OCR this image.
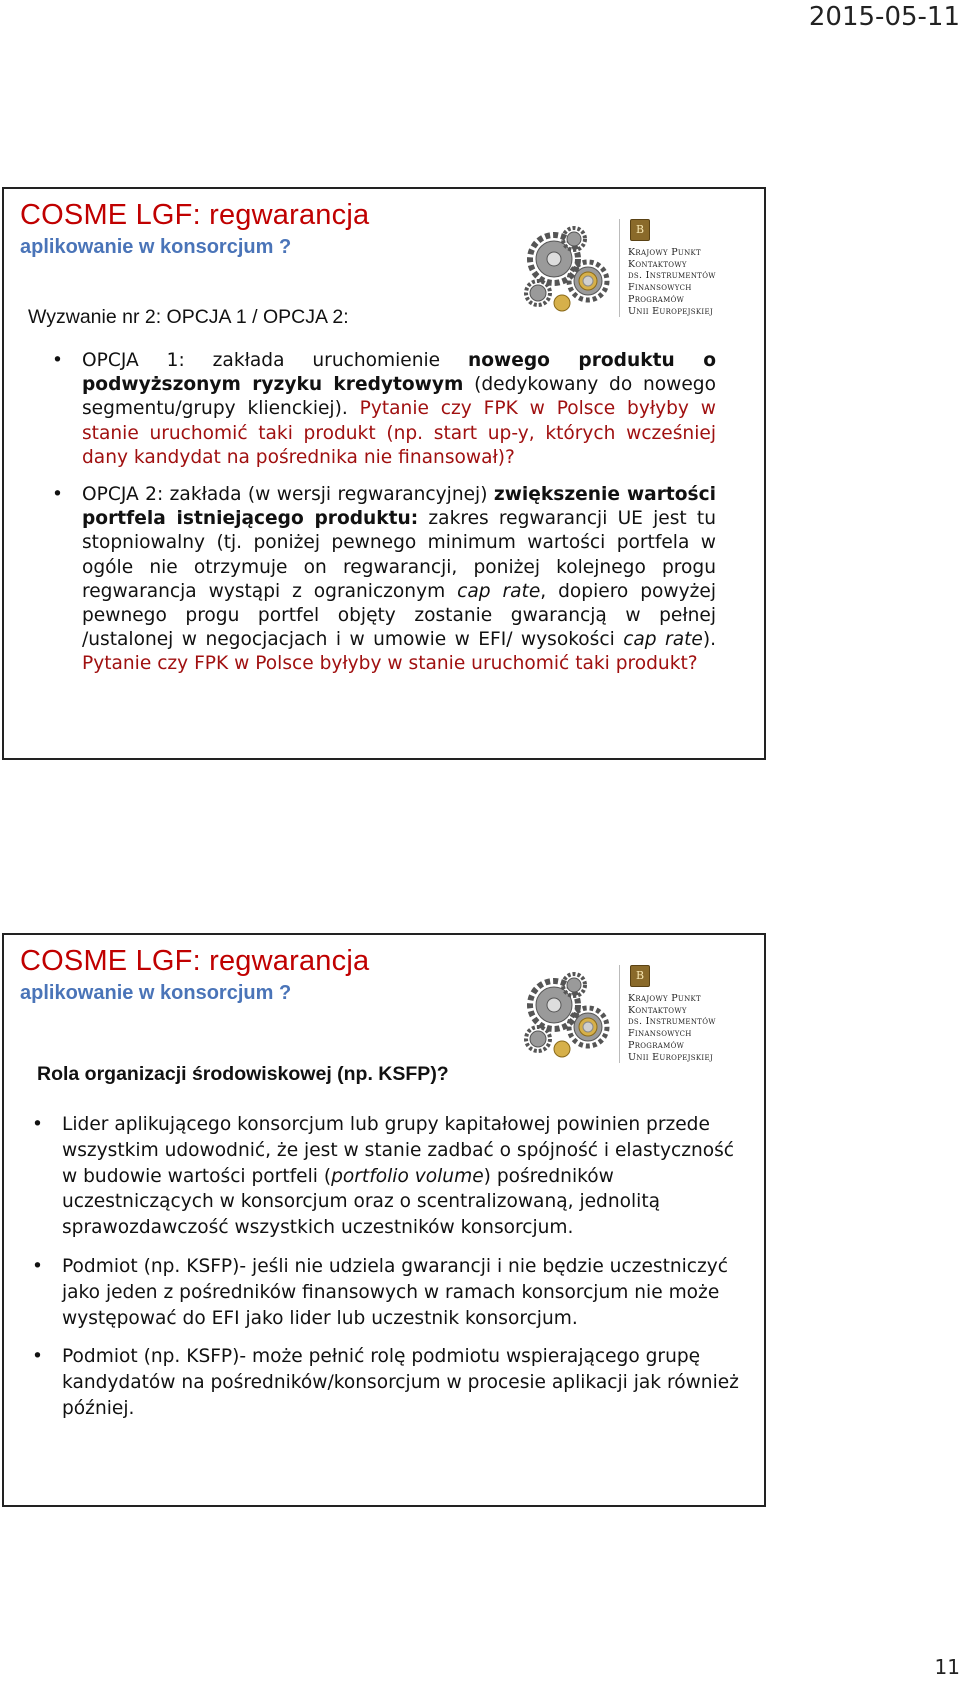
2015-05-11
COSME LGF: regwarancja
aplikowanie w konsorcjum ?
B
Krajowy Punkt
Kontaktowy
ds. Instrumentów
Finansowych
Programów
Unii Europejskiej

Wyzwanie nr 2: OPCJA 1 / OPCJA 2:

• OPCJA 1: zakłada uruchomienie nowego produktu o podwyższonym ryzyku kredytowym (dedykowany do nowego segmentu/grupy klienckiej). Pytanie czy FPK w Polsce byłyby w stanie uruchomić taki produkt (np. start up-y, których wcześniej dany kandydat na pośrednika nie finansował)?
• OPCJA 2: zakłada (w wersji regwarancyjnej) zwiększenie wartości portfela istniejącego produktu: zakres regwarancji UE jest tu stopniowalny (tj. poniżej pewnego minimum wartości portfela w ogóle nie otrzymuje on regwarancji, poniżej kolejnego progu regwarancja wystąpi z ograniczonym cap rate, dopiero powyżej pewnego progu portfel objęty zostanie gwarancją w pełnej /ustalonej w negocjacjach i w umowie w EFI/ wysokości cap rate). Pytanie czy FPK w Polsce byłyby w stanie uruchomić taki produkt?
COSME LGF: regwarancja
aplikowanie w konsorcjum ?
B
Krajowy Punkt
Kontaktowy
ds. Instrumentów
Finansowych
Programów
Unii Europejskiej

Rola organizacji środowiskowej (np. KSFP)?

• Lider aplikującego konsorcjum lub grupy kapitałowej powinien przede wszystkim udowodnić, że jest w stanie zadbać o spójność i elastyczność w budowie wartości portfeli (portfolio volume) pośredników uczestniczących w konsorcjum oraz o scentralizowaną, jednolitą sprawozdawczość wszystkich uczestników konsorcjum.
• Podmiot (np. KSFP)- jeśli nie udziela gwarancji i nie będzie uczestniczyć jako jeden z pośredników finansowych w ramach konsorcjum nie może występować do EFI jako lider lub uczestnik konsorcjum.
• Podmiot (np. KSFP)- może pełnić rolę podmiotu wspierającego grupę kandydatów na pośredników/konsorcjum w procesie aplikacji jak również później.
11
